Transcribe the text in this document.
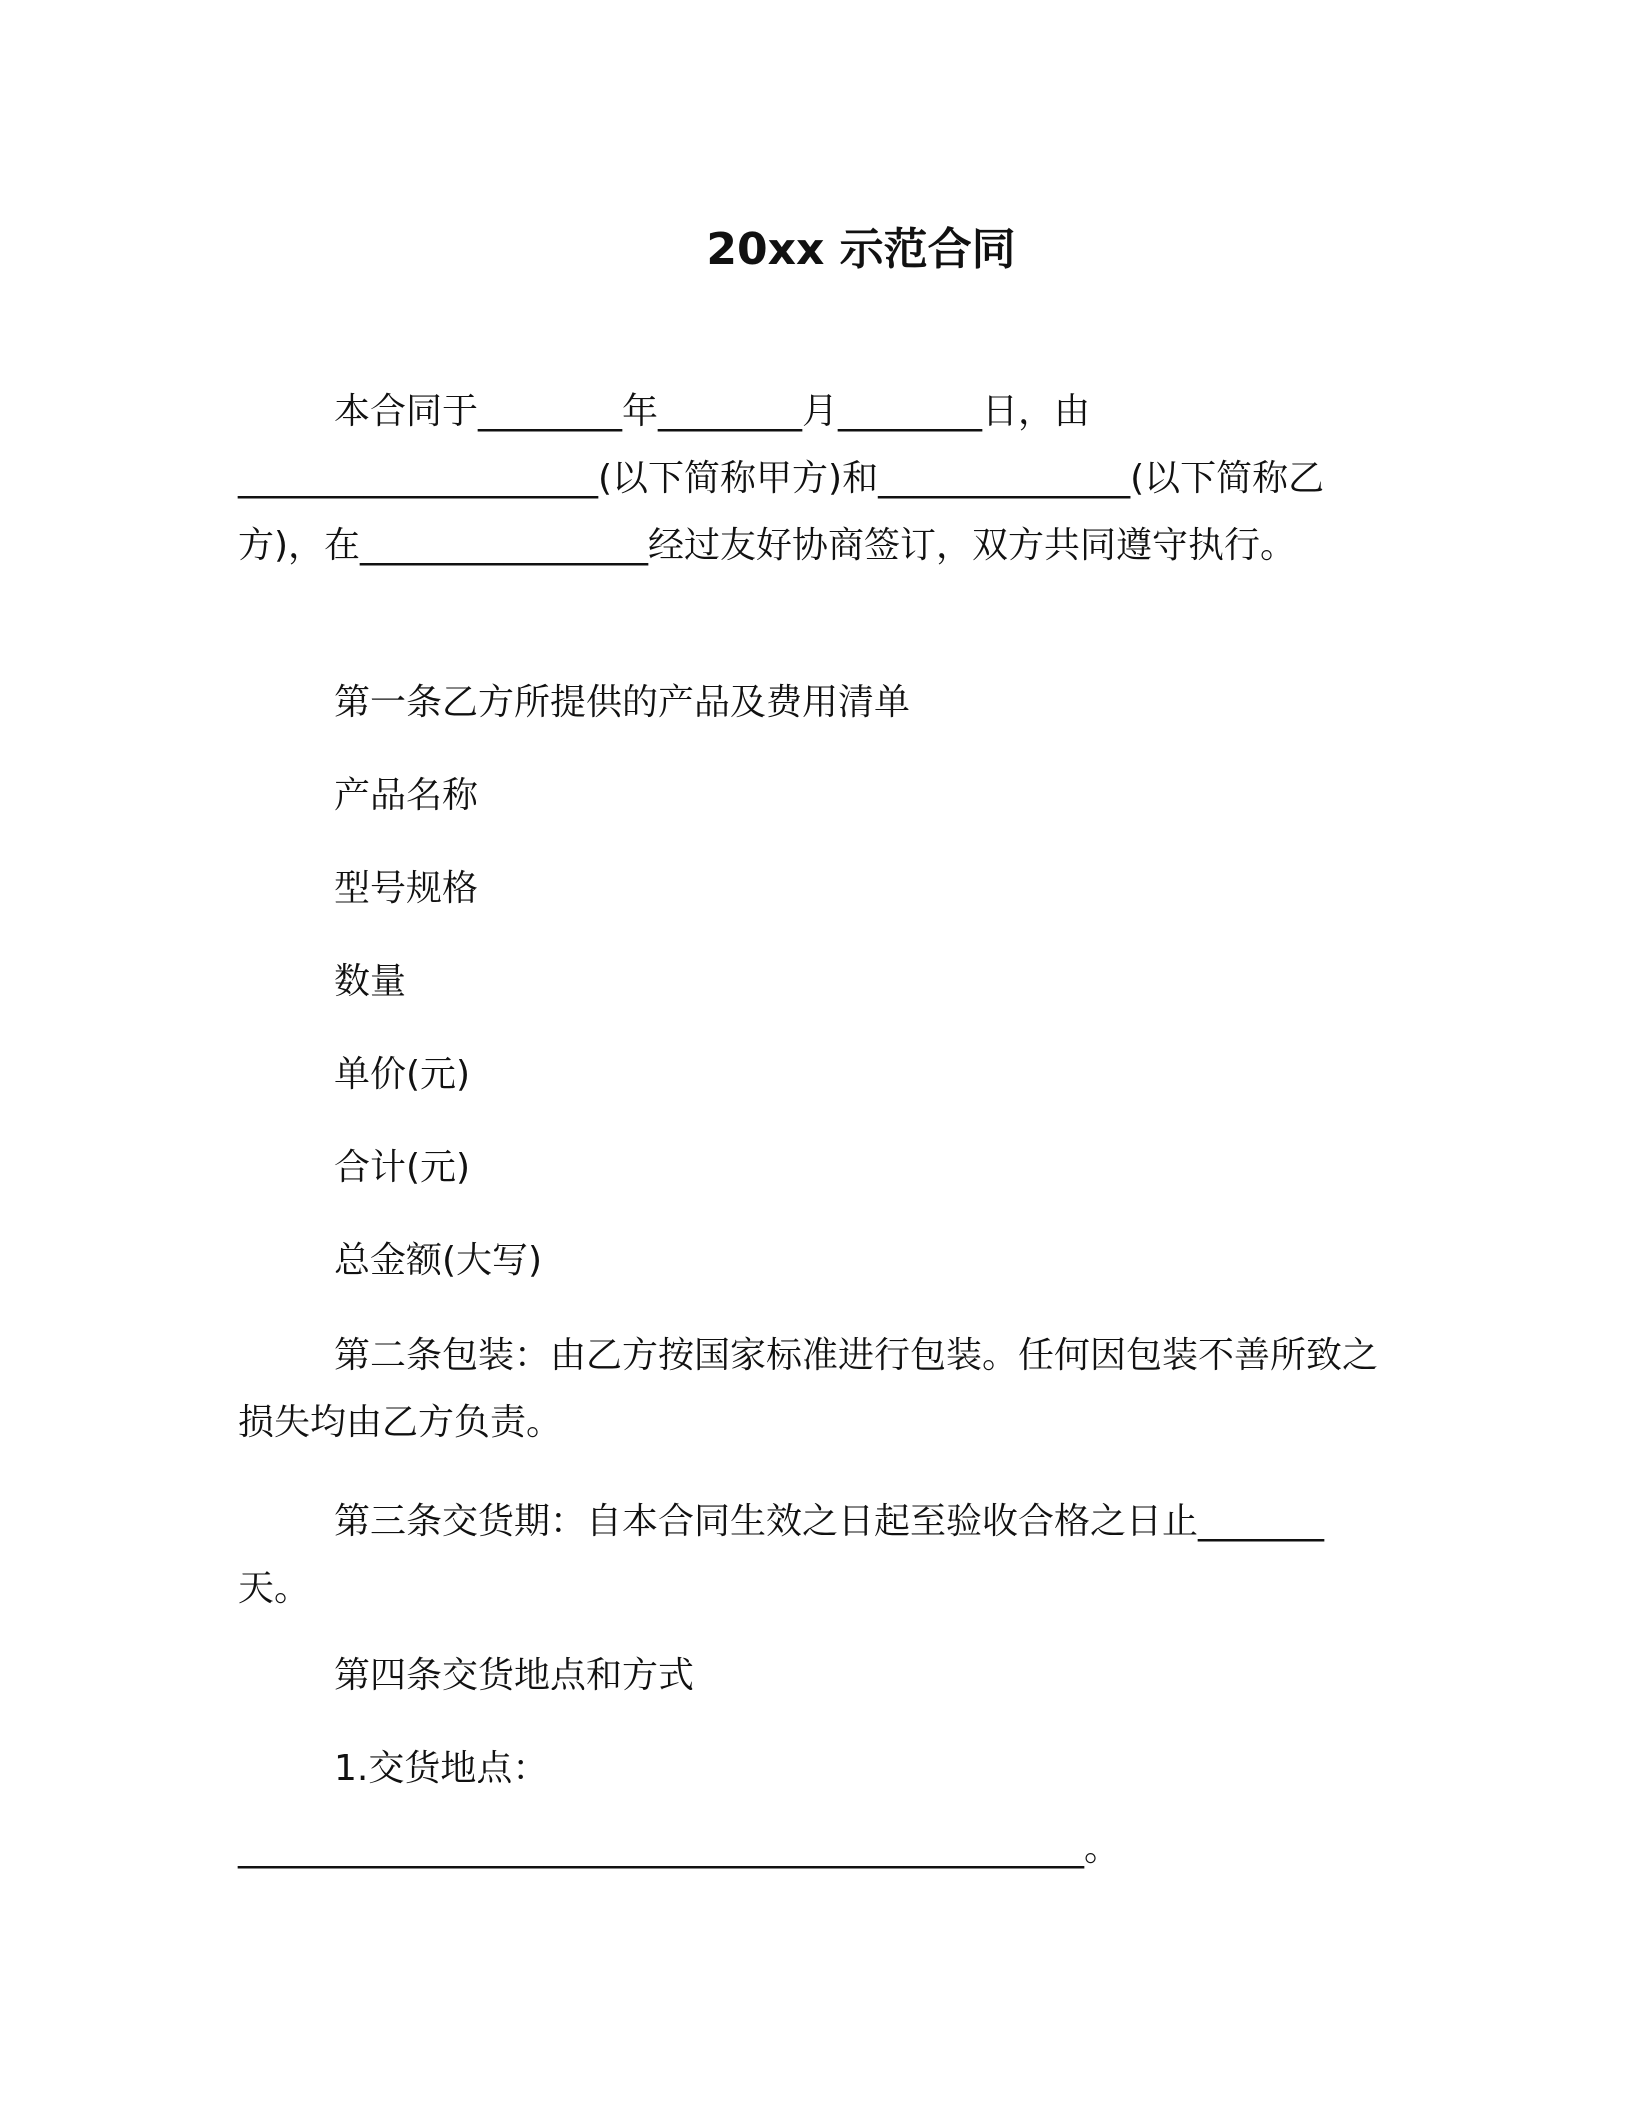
20xx 示范合同

本合同于________年________月________日，由____________________(以下简称甲方)和______________(以下简称乙方)，在________________经过友好协商签订，双方共同遵守执行。

第一条乙方所提供的产品及费用清单
产品名称
型号规格
数量
单价(元)
合计(元)
总金额(大写)

第二条包装：由乙方按国家标准进行包装。任何因包装不善所致之损失均由乙方负责。

第三条交货期：自本合同生效之日起至验收合格之日止_______天。

第四条交货地点和方式
1.交货地点：
_______________________________________________。
